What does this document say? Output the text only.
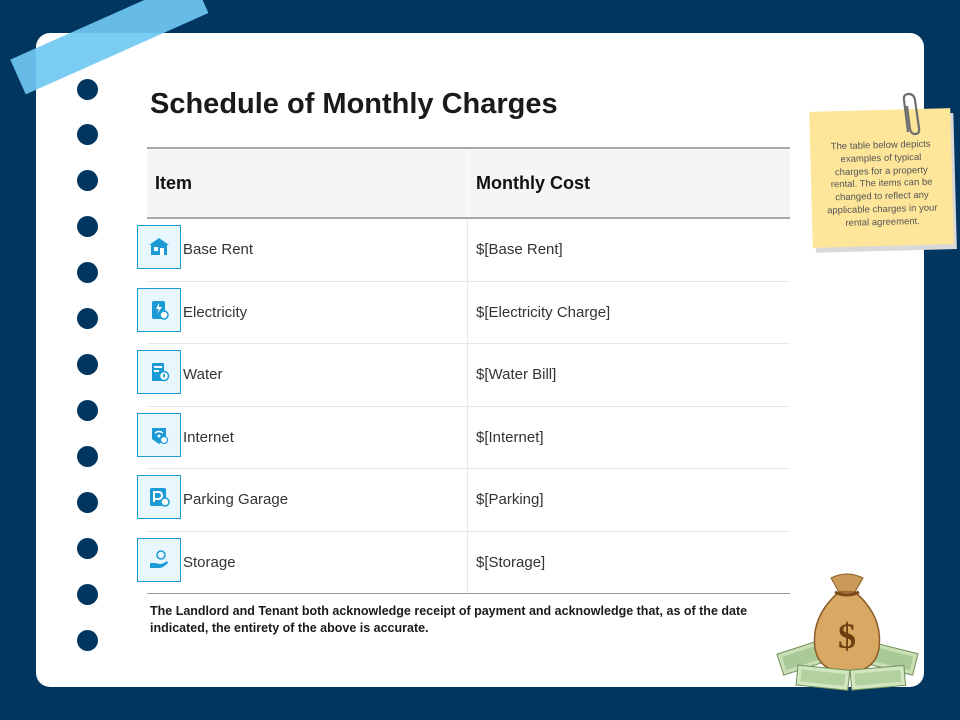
Schedule of Monthly Charges
Item	Monthly Cost
Base Rent	$[Base Rent]
Electricity	$[Electricity Charge]
Water	$[Water Bill]
Internet	$[Internet]
Parking Garage	$[Parking]
Storage	$[Storage]
The table below depicts examples of typical charges for a property rental. The items can be changed to reflect any applicable charges in your rental agreement.

The Landlord and Tenant both acknowledge receipt of payment and acknowledge that, as of the date indicated, the entirety of the above is accurate.	$
